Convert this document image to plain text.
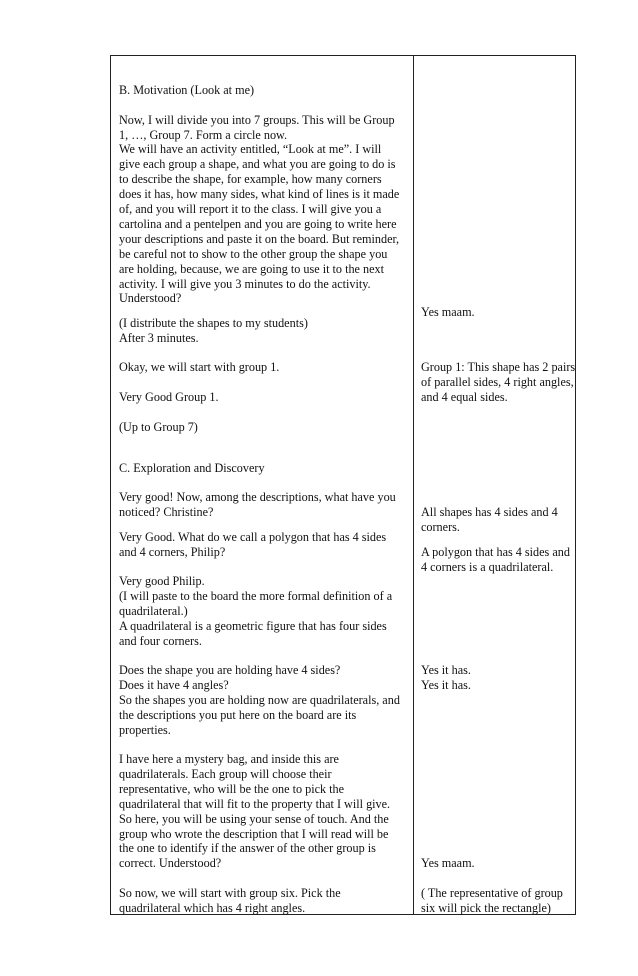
B. Motivation (Look at me)
Now, I will divide you into 7 groups. This will be Group
1, …, Group 7. Form a circle now.
We will have an activity entitled, “Look at me”. I will
give each group a shape, and what you are going to do is
to describe the shape, for example, how many corners
does it has, how many sides, what kind of lines is it made
of, and you will report it to the class. I will give you a
cartolina and a pentelpen and you are going to write here
your descriptions and paste it on the board. But reminder,
be careful not to show to the other group the shape you
are holding, because, we are going to use it to the next
activity. I will give you 3 minutes to do the activity.
Understood?
(I distribute the shapes to my students)
After 3 minutes.
Okay, we will start with group 1.
Very Good Group 1.
(Up to Group 7)
C. Exploration and Discovery
Very good! Now, among the descriptions, what have you
noticed? Christine?
Very Good. What do we call a polygon that has 4 sides
and 4 corners, Philip?
Very good Philip.
(I will paste to the board the more formal definition of a
quadrilateral.)
A quadrilateral is a geometric figure that has four sides
and four corners.
Does the shape you are holding have 4 sides?
Does it have 4 angles?
So the shapes you are holding now are quadrilaterals, and
the descriptions you put here on the board are its
properties.
I have here a mystery bag, and inside this are
quadrilaterals. Each group will choose their
representative, who will be the one to pick the
quadrilateral that will fit to the property that I will give.
So here, you will be using your sense of touch. And the
group who wrote the description that I will read will be
the one to identify if the answer of the other group is
correct. Understood?
So now, we will start with group six. Pick the
quadrilateral which has 4 right angles.
Yes maam.
Group 1: This shape has 2 pairs
of parallel sides, 4 right angles,
and 4 equal sides.
All shapes has 4 sides and 4
corners.
A polygon that has 4 sides and
4 corners is a quadrilateral.
Yes it has.
Yes it has.
Yes maam.
( The representative of group
six will pick the rectangle)
